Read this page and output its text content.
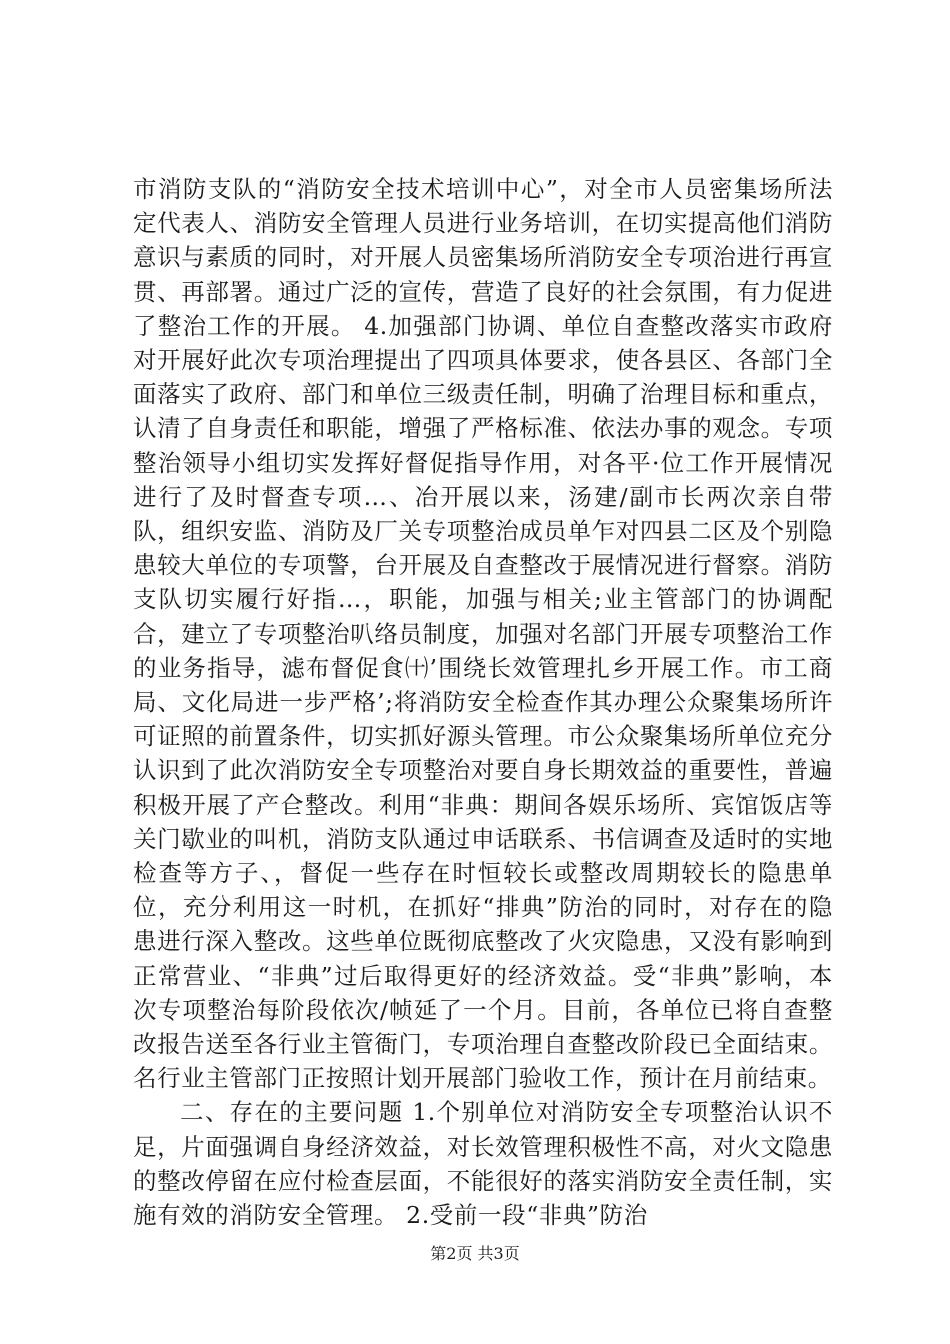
市消防支队的“消防安全技术培训中心”，对全市人员密集场所法定代表人、消防安全管理人员进行业务培训，在切实提高他们消防意识与素质的同时，对开展人员密集场所消防安全专项治进行再宣贯、再部署。通过广泛的宣传，营造了良好的社会氛围，有力促进了整治工作的开展。 4.加强部门协调、单位自查整改落实市政府对开展好此次专项治理提出了四项具体要求，使各县区、各部门全面落实了政府、部门和单位三级责任制，明确了治理目标和重点，认清了自身责任和职能，增强了严格标准、依法办事的观念。专项整治领导小组切实发挥好督促指导作用，对各平·位工作开展情况进行了及时督查专项…、冶开展以来，汤建/副市长两次亲自带队，组织安监、消防及厂关专项整治成员单乍对四县二区及个别隐患较大单位的专项警，台开展及自查整改于展情况进行督察。消防支队切实履行好指…，职能，加强与相关;业主管部门的协调配合，建立了专项整治叭络员制度，加强对名部门开展专项整治工作的业务指导，滤布督促食㈩’围绕长效管理扎乡开展工作。市工商局、文化局进一步严格’;将消防安全检查作其办理公众聚集场所许可证照的前置条件，切实抓好源头管理。市公众聚集场所单位充分认识到了此次消防安全专项整治对要自身长期效益的重要性，普遍积极开展了产仺整改。利用“非典：期间各娱乐场所、宾馆饭店等关门歇业的叫机，消防支队通过申话联系、书信调查及适时的实地检查等方子、，督促一些存在时恒较长或整改周期较长的隐患单位，充分利用这一时机，在抓好“排典”防治的同时，对存在的隐患进行深入整改。这些单位既彻底整改了火灾隐患，又没有影响到正常营业、“非典”过后取得更好的经济效益。受“非典”影响，本次专项整治每阶段依次/帧延了一个月。目前，各单位已将自查整改报告送至各行业主管衙门，专项治理自查整改阶段已全面结束。名行业主管部门正按照计划开展部门验收工作，预计在月前结束。

二、存在的主要问题 1.个别单位对消防安全专项整治认识不足，片面强调自身经济效益，对长效管理积极性不高，对火文隐患的整改停留在应付检查层面，不能很好的落实消防安全责任制，实施有效的消防安全管理。 2.受前一段“非典”防治

第2页 共3页
